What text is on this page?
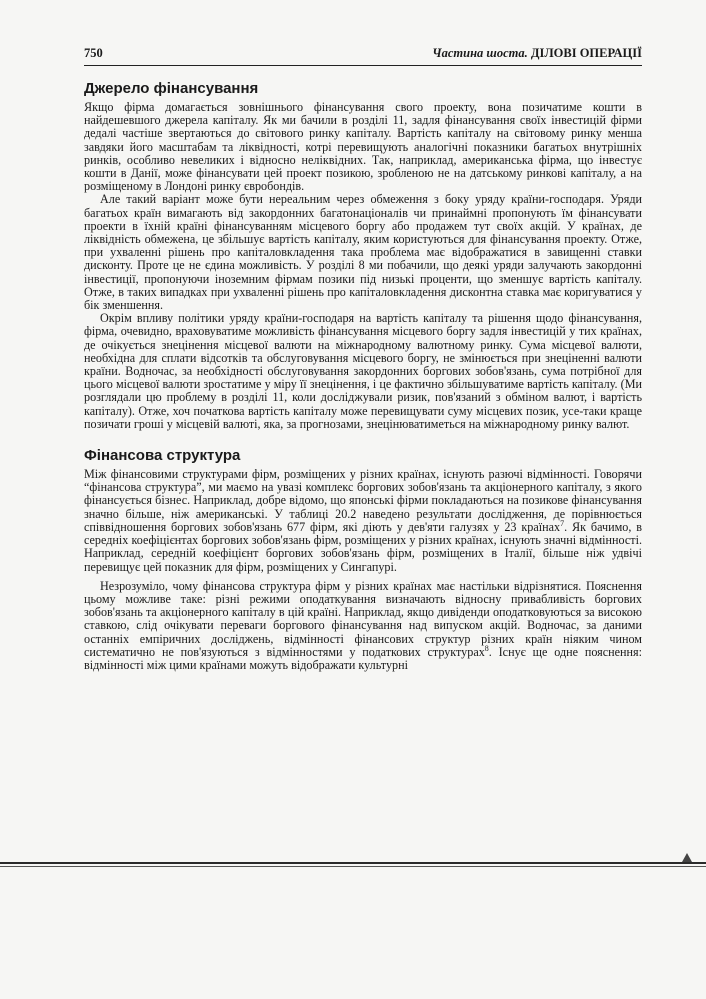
750	Частина шоста. ДІЛОВІ ОПЕРАЦІЇ
Джерело фінансування

Якщо фірма домагається зовнішнього фінансування свого проекту, вона позичатиме кошти в найдешевшого джерела капіталу. Як ми бачили в розділі 11, задля фінансування своїх інвестицій фірми дедалі частіше звертаються до світового ринку капіталу. Вартість капіталу на світовому ринку менша завдяки його масштабам та ліквідності, котрі перевищують аналогічні показники багатьох внутрішніх ринків, особливо невеликих і відносно неліквідних. Так, наприклад, американська фірма, що інвестує кошти в Данії, може фінансувати цей проект позикою, зробленою не на датському ринкові капіталу, а на розміщеному в Лондоні ринку євробондів.

Але такий варіант може бути нереальним через обмеження з боку уряду країни-господаря. Уряди багатьох країн вимагають від закордонних багатонаціоналів чи принаймні пропонують їм фінансувати проекти в їхній країні фінансуванням місцевого боргу або продажем тут своїх акцій. У країнах, де ліквідність обмежена, це збільшує вартість капіталу, яким користуються для фінансування проекту. Отже, при ухваленні рішень про капіталовкладення така проблема має відображатися в завищенні ставки дисконту. Проте це не єдина можливість. У розділі 8 ми побачили, що деякі уряди залучають закордонні інвестиції, пропонуючи іноземним фірмам позики під низькі проценти, що зменшує вартість капіталу. Отже, в таких випадках при ухваленні рішень про капіталовкладення дисконтна ставка має коригуватися у бік зменшення.

Окрім впливу політики уряду країни-господаря на вартість капіталу та рішення щодо фінансування, фірма, очевидно, враховуватиме можливість фінансування місцевого боргу задля інвестицій у тих країнах, де очікується знецінення місцевої валюти на міжнародному валютному ринку. Сума місцевої валюти, необхідна для сплати відсотків та обслуговування місцевого боргу, не змінюється при знеціненні валюти країни. Водночас, за необхідності обслуговування закордонних боргових зобов'язань, сума потрібної для цього місцевої валюти зростатиме у міру її знецінення, і це фактично збільшуватиме вартість капіталу. (Ми розглядали цю проблему в розділі 11, коли досліджували ризик, пов'язаний з обміном валют, і вартість капіталу). Отже, хоч початкова вартість капіталу може перевищувати суму місцевих позик, усе-таки краще позичати гроші у місцевій валюті, яка, за прогнозами, знецінюватиметься на міжнародному ринку валют.

Фінансова структура

Між фінансовими структурами фірм, розміщених у різних країнах, існують разючі відмінності. Говорячи “фінансова структура”, ми маємо на увазі комплекс боргових зобов'язань та акціонерного капіталу, з якого фінансується бізнес. Наприклад, добре відомо, що японські фірми покладаються на позикове фінансування значно більше, ніж американські. У таблиці 20.2 наведено результати дослідження, де порівнюється співвідношення боргових зобов'язань 677 фірм, які діють у дев'яти галузях у 23 країнах$^7$. Як бачимо, в середніх коефіцієнтах боргових зобов'язань фірм, розміщених у різних країнах, існують значні відмінності. Наприклад, середній коефіцієнт боргових зобов'язань фірм, розміщених в Італії, більше ніж удвічі перевищує цей показник для фірм, розміщених у Сингапурі.

Незрозуміло, чому фінансова структура фірм у різних країнах має настільки відрізнятися. Пояснення цьому можливе таке: різні режими оподаткування визначають відносну привабливість боргових зобов'язань та акціонерного капіталу в цій країні. Наприклад, якщо дивіденди оподатковуються за високою ставкою, слід очікувати переваги боргового фінансування над випуском акцій. Водночас, за даними останніх емпіричних досліджень, відмінності фінансових структур різних країн ніяким чином систематично не пов'язуються з відмінностями у податкових структурах$^8$. Існує ще одне пояснення: відмінності між цими країнами можуть відображати культурні
